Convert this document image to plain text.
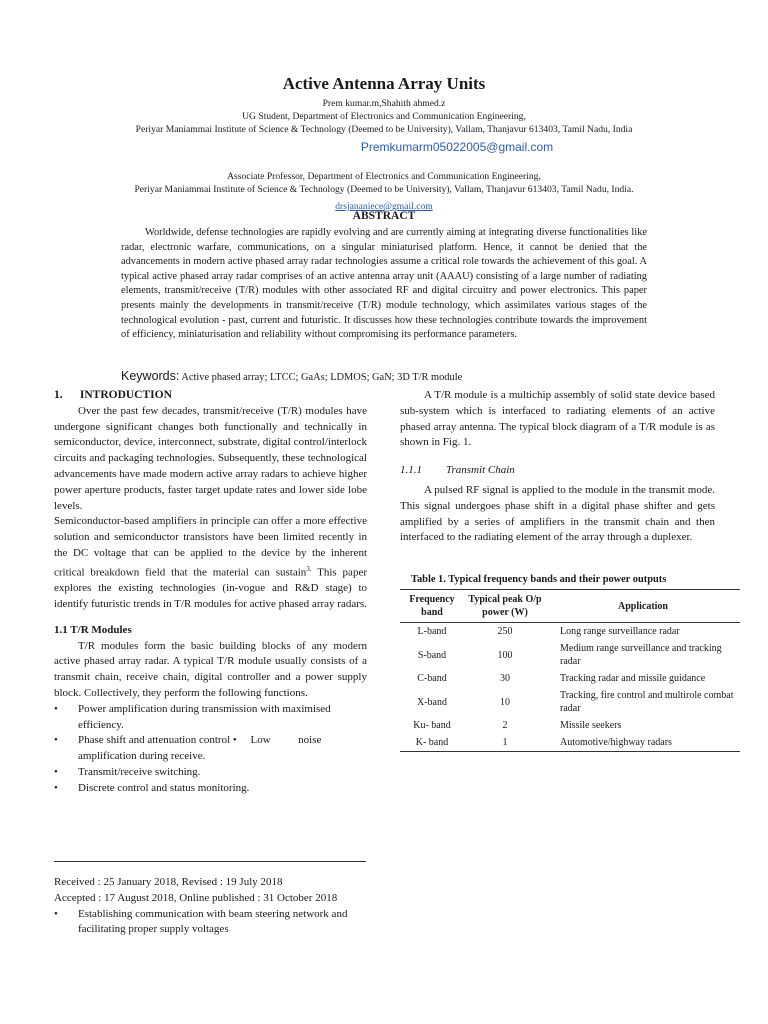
Active Antenna Array Units
Prem kumar.m,Shahith ahmed.z
UG Student, Department of Electronics and Communication Engineering,
Periyar Maniammai Institute of Science & Technology (Deemed to be University), Vallam, Thanjavur 613403, Tamil Nadu, India
Premkumarm05022005@gmail.com
Associate Professor, Department of Electronics and Communication Engineering,
Periyar Maniammai Institute of Science & Technology (Deemed to be University), Vallam, Thanjavur 613403, Tamil Nadu, India.
drsjananiece@gmail.com
ABSTRACT
Worldwide, defense technologies are rapidly evolving and are currently aiming at integrating diverse functionalities like radar, electronic warfare, communications, on a singular miniaturised platform. Hence, it cannot be denied that the advancements in modern active phased array radar technologies assume a critical role towards the achievement of this goal. A typical active phased array radar comprises of an active antenna array unit (AAAU) consisting of a large number of radiating elements, transmit/receive (T/R) modules with other associated RF and digital circuitry and power electronics. This paper presents mainly the developments in transmit/receive (T/R) module technology, which assimilates various stages of the technological evolution - past, current and futuristic. It discusses how these technologies contribute towards the improvement of efficiency, miniaturisation and reliability without compromising its performance parameters.
Keywords: Active phased array; LTCC; GaAs; LDMOS; GaN; 3D T/R module

1.      INTRODUCTION

Over the past few decades, transmit/receive (T/R) modules have undergone significant changes both functionally and technically in semiconductor, device, interconnect, substrate, digital control/interlock circuits and packaging technologies. Subsequently, these technological advancements have made modern active array radars to achieve higher power aperture products, faster target update rates and lower side lobe levels.

Semiconductor-based amplifiers in principle can offer a more effective solution and semiconductor transistors have been limited recently in the DC voltage that can be applied to the device by the inherent critical breakdown field that the material can sustain$^{3.}$ This paper explores the existing technologies (in-vogue and R&D stage) to identify futuristic trends in T/R modules for active phased array radars.

1.1 T/R Modules

T/R modules form the basic building blocks of any modern active phased array radar. A typical T/R module usually consists of a transmit chain, receive chain, digital controller and a power supply block. Collectively, they perform the following functions.

• Power amplification during transmission with maximised efficiency.
• Phase shift and attenuation control •     Low          noise amplification during receive.
• Transmit/receive switching.
• Discrete control and status monitoring.

Received : 25 January 2018, Revised : 19 July 2018

Accepted : 17 August 2018, Online published : 31 October 2018

• Establishing communication with beam steering network and facilitating proper supply voltages

A T/R module is a multichip assembly of solid state device based sub-system which is interfaced to radiating elements of an active phased array antenna. The typical block diagram of a T/R module is as shown in Fig. 1.

1.1.1 Transmit Chain

A pulsed RF signal is applied to the module in the transmit mode. This signal undergoes phase shift in a digital phase shifter and gets amplified by a series of amplifiers in the transmit chain and then interfaced to the radiating element of the array through a duplexer.

Table 1. Typical frequency bands and their power outputs
Frequency band	Typical peak O/p power (W)	Application
L-band	250	Long range surveillance radar
S-band	100	Medium range surveillance and tracking radar
C-band	30	Tracking radar and missile guidance
X-band	10	Tracking, fire control and multirole combat radar
Ku- band	2	Missile seekers
K- band	1	Automotive/highway radars
